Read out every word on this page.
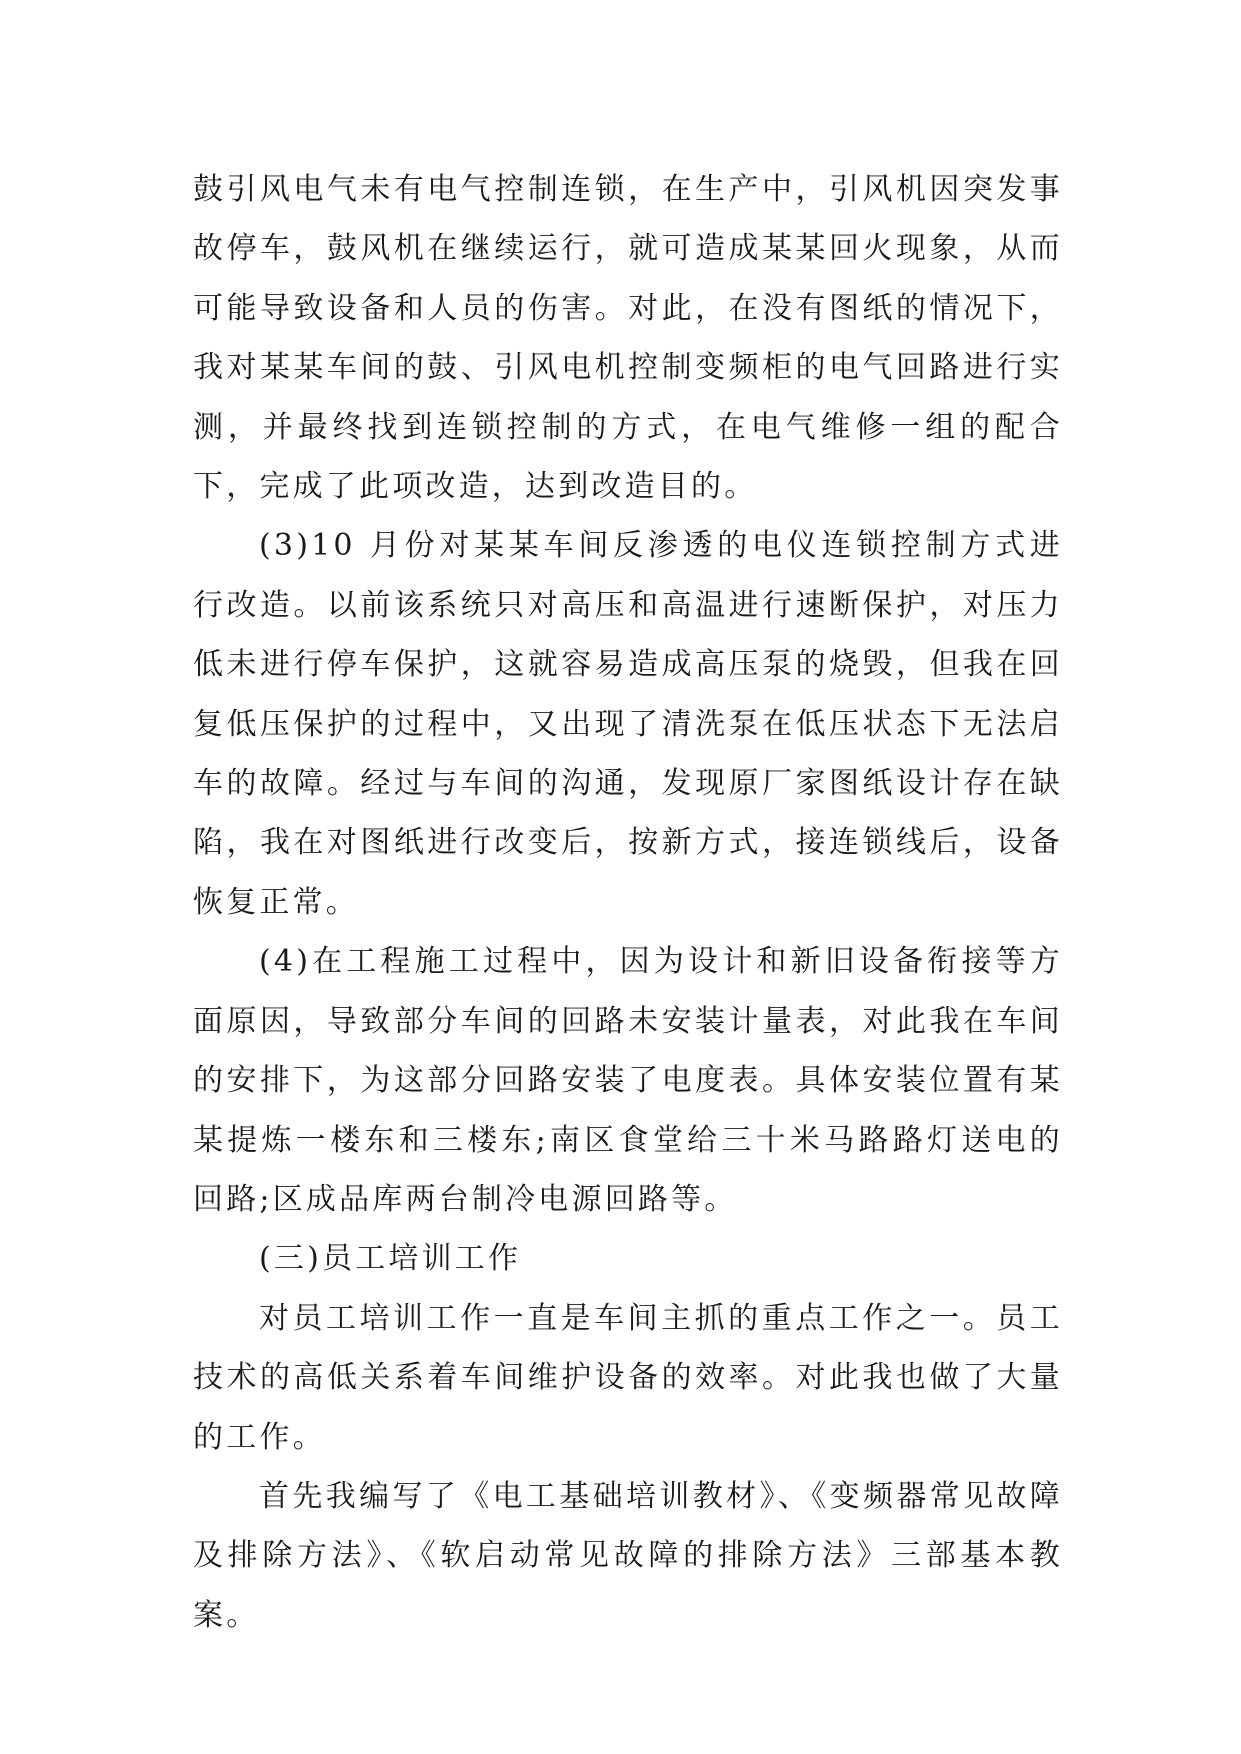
鼓引风电气未有电气控制连锁，在生产中，引风机因突发事故停车，鼓风机在继续运行，就可造成某某回火现象，从而可能导致设备和人员的伤害。对此，在没有图纸的情况下，我对某某车间的鼓、引风电机控制变频柜的电气回路进行实测，并最终找到连锁控制的方式，在电气维修一组的配合下，完成了此项改造，达到改造目的。

(3)10 月份对某某车间反渗透的电仪连锁控制方式进行改造。以前该系统只对高压和高温进行速断保护，对压力低未进行停车保护，这就容易造成高压泵的烧毁，但我在回复低压保护的过程中，又出现了清洗泵在低压状态下无法启车的故障。经过与车间的沟通，发现原厂家图纸设计存在缺陷，我在对图纸进行改变后，按新方式，接连锁线后，设备恢复正常。

(4)在工程施工过程中，因为设计和新旧设备衔接等方面原因，导致部分车间的回路未安装计量表，对此我在车间的安排下，为这部分回路安装了电度表。具体安装位置有某某提炼一楼东和三楼东;南区食堂给三十米马路路灯送电的回路;区成品库两台制冷电源回路等。

(三)员工培训工作

对员工培训工作一直是车间主抓的重点工作之一。员工技术的高低关系着车间维护设备的效率。对此我也做了大量的工作。

首先我编写了《电工基础培训教材》、《变频器常见故障及排除方法》、《软启动常见故障的排除方法》三部基本教案。
